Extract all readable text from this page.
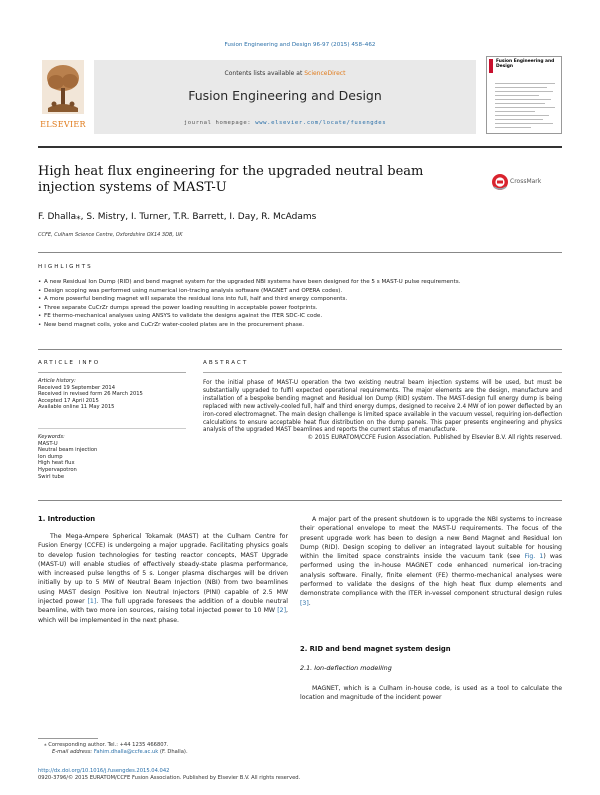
Fusion Engineering and Design 96-97 (2015) 458–462
ELSEVIER
Contents lists available at ScienceDirect
Fusion Engineering and Design
journal homepage: www.elsevier.com/locate/fusengdes
Fusion Engineering and Design
High heat flux engineering for the upgraded neutral beam injection systems of MAST-U	CrossMark
F. Dhalla⁎, S. Mistry, I. Turner, T.R. Barrett, I. Day, R. McAdams
CCFE, Culham Science Centre, Oxfordshire OX14 3DB, UK
HIGHLIGHTS
• A new Residual Ion Dump (RID) and bend magnet system for the upgraded NBI systems have been designed for the 5 s MAST-U pulse requirements.
• Design scoping was performed using numerical ion-tracing analysis software (MAGNET and OPERA codes).
• A more powerful bending magnet will separate the residual ions into full, half and third energy components.
• Three separate CuCrZr dumps spread the power loading resulting in acceptable power footprints.
• FE thermo-mechanical analyses using ANSYS to validate the designs against the ITER SDC-IC code.
• New bend magnet coils, yoke and CuCrZr water-cooled plates are in the procurement phase.
ARTICLE INFO
Article history:
Received 19 September 2014
Received in revised form 26 March 2015
Accepted 17 April 2015
Available online 11 May 2015
Keywords:
MAST-U
Neutral beam injection
Ion dump
High heat flux
Hypervapotron
Swirl tube
ABSTRACT
For the initial phase of MAST-U operation the two existing neutral beam injection systems will be used, but must be substantially upgraded to fulfil expected operational requirements. The major elements are the design, manufacture and installation of a bespoke bending magnet and Residual Ion Dump (RID) system. The MAST-design full energy dump is being replaced with new actively-cooled full, half and third energy dumps, designed to receive 2.4 MW of ion power deflected by an iron-cored electromagnet. The main design challenge is limited space available in the vacuum vessel, requiring ion-deflection calculations to ensure acceptable heat flux distribution on the dump panels. This paper presents engineering and physics analysis of the upgraded MAST beamlines and reports the current status of manufacture.
© 2015 EURATOM/CCFE Fusion Association. Published by Elsevier B.V. All rights reserved.
1. Introduction

The Mega-Ampere Spherical Tokamak (MAST) at the Culham Centre for Fusion Energy (CCFE) is undergoing a major upgrade. Facilitating physics goals to develop fusion technologies for testing reactor concepts, MAST Upgrade (MAST-U) will enable studies of effectively steady-state plasma performance, with increased pulse lengths of 5 s. Longer plasma discharges will be driven initially by up to 5 MW of Neutral Beam Injection (NBI) from two beamlines using MAST design Positive Ion Neutral Injectors (PINI) capable of 2.5 MW injected power [1]. The full upgrade foresees the addition of a double neutral beamline, with two more ion sources, raising total injected power to 10 MW [2], which will be implemented in the next phase.

A major part of the present shutdown is to upgrade the NBI systems to increase their operational envelope to meet the MAST-U requirements. The focus of the present upgrade work has been to design a new Bend Magnet and Residual Ion Dump (RID). Design scoping to deliver an integrated layout suitable for housing within the limited space constraints inside the vacuum tank (see Fig. 1) was performed using the in-house MAGNET code enhanced numerical ion-tracing analysis software. Finally, finite element (FE) thermo-mechanical analyses were performed to validate the designs of the high heat flux dump elements and demonstrate compliance with the ITER in-vessel component structural design rules [3].

2. RID and bend magnet system design
2.1. Ion-deflection modelling

MAGNET, which is a Culham in-house code, is used as a tool to calculate the location and magnitude of the incident power

⁎ Corresponding author. Tel.: +44 1235 466807.
E-mail address: Fahim.dhalla@ccfe.ac.uk (F. Dhalla).
http://dx.doi.org/10.1016/j.fusengdes.2015.04.042
0920-3796/© 2015 EURATOM/CCFE Fusion Association. Published by Elsevier B.V. All rights reserved.
